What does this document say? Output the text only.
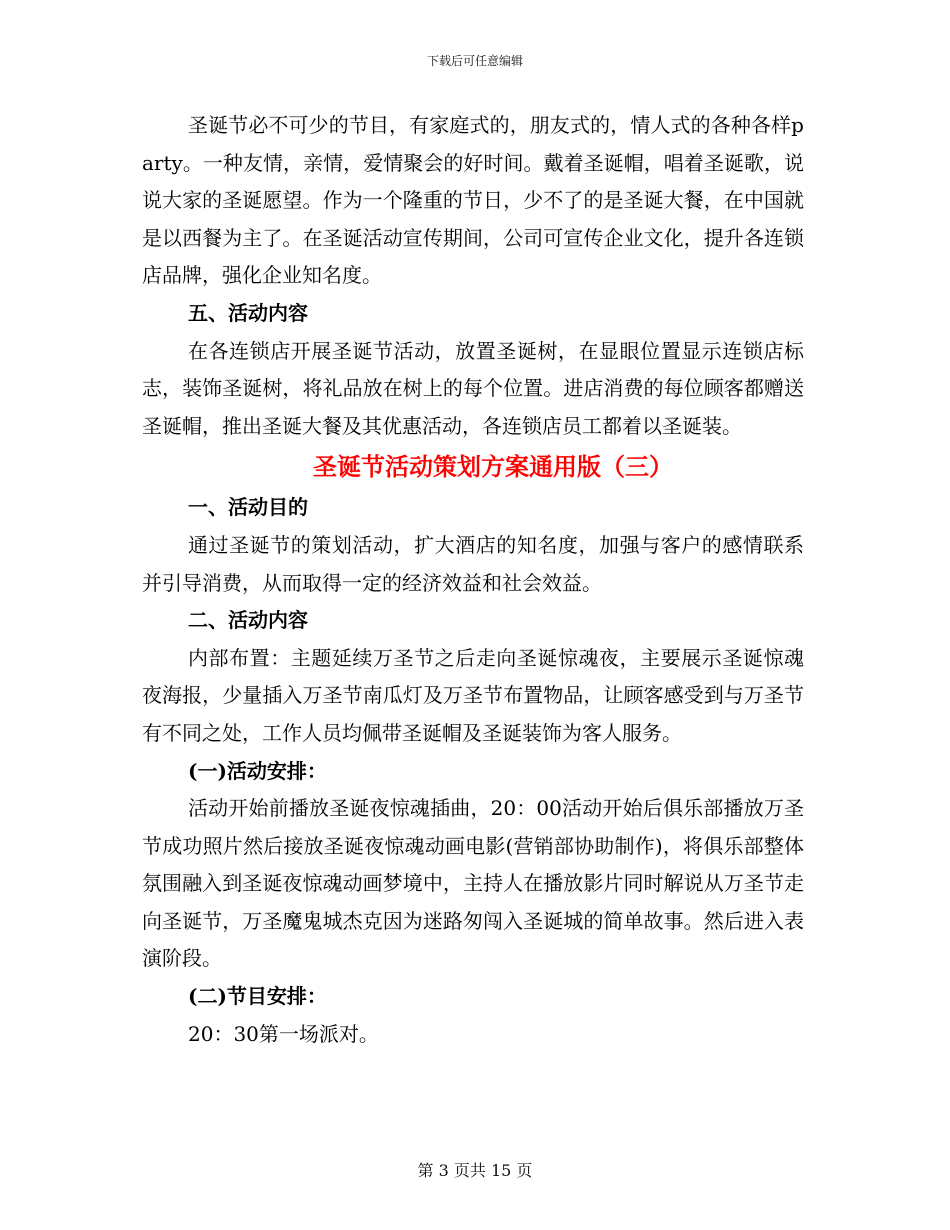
下载后可任意编辑

圣诞节必不可少的节目，有家庭式的，朋友式的，情人式的各种各样party。一种友情，亲情，爱情聚会的好时间。戴着圣诞帽，唱着圣诞歌，说说大家的圣诞愿望。作为一个隆重的节日，少不了的是圣诞大餐，在中国就是以西餐为主了。在圣诞活动宣传期间，公司可宣传企业文化，提升各连锁店品牌，强化企业知名度。

五、活动内容

在各连锁店开展圣诞节活动，放置圣诞树，在显眼位置显示连锁店标志，装饰圣诞树，将礼品放在树上的每个位置。进店消费的每位顾客都赠送圣诞帽，推出圣诞大餐及其优惠活动，各连锁店员工都着以圣诞装。

圣诞节活动策划方案通用版（三）

一、活动目的

通过圣诞节的策划活动，扩大酒店的知名度，加强与客户的感情联系并引导消费，从而取得一定的经济效益和社会效益。

二、活动内容

内部布置：主题延续万圣节之后走向圣诞惊魂夜，主要展示圣诞惊魂夜海报，少量插入万圣节南瓜灯及万圣节布置物品，让顾客感受到与万圣节有不同之处，工作人员均佩带圣诞帽及圣诞装饰为客人服务。

(一)活动安排：

活动开始前播放圣诞夜惊魂插曲，20：00活动开始后俱乐部播放万圣节成功照片然后接放圣诞夜惊魂动画电影(营销部协助制作)，将俱乐部整体氛围融入到圣诞夜惊魂动画梦境中，主持人在播放影片同时解说从万圣节走向圣诞节，万圣魔鬼城杰克因为迷路匆闯入圣诞城的简单故事。然后进入表演阶段。

(二)节目安排：

20：30第一场派对。

第 3 页共 15 页
